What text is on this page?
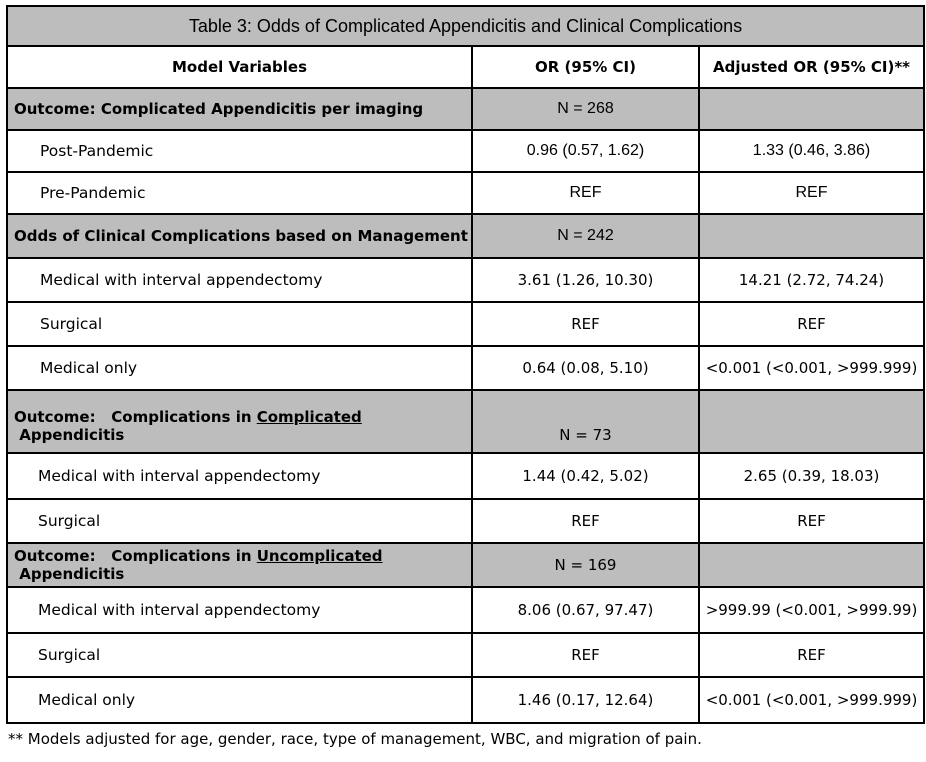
Table 3: Odds of Complicated Appendicitis and Clinical Complications		
Model Variables	OR (95% CI)	Adjusted OR (95% CI)**
Outcome: Complicated Appendicitis per imaging	N = 268	
Post-Pandemic	0.96 (0.57, 1.62)	1.33 (0.46, 3.86)
Pre-Pandemic	REF	REF
Odds of Clinical Complications based on Management	N = 242	
Medical with interval appendectomy	3.61 (1.26, 10.30)	14.21 (2.72, 74.24)
Surgical	REF	REF
Medical only	0.64 (0.08, 5.10)	<0.001 (<0.001, >999.999)
Outcome:   Complications in Complicated Appendicitis	N = 73	
Medical with interval appendectomy	1.44 (0.42, 5.02)	2.65 (0.39, 18.03)
Surgical	REF	REF
Outcome:   Complications in Uncomplicated Appendicitis	N = 169	
Medical with interval appendectomy	8.06 (0.67, 97.47)	>999.99 (<0.001, >999.99)
Surgical	REF	REF
Medical only	1.46 (0.17, 12.64)	<0.001 (<0.001, >999.999)
** Models adjusted for age, gender, race, type of management, WBC, and migration of pain.
